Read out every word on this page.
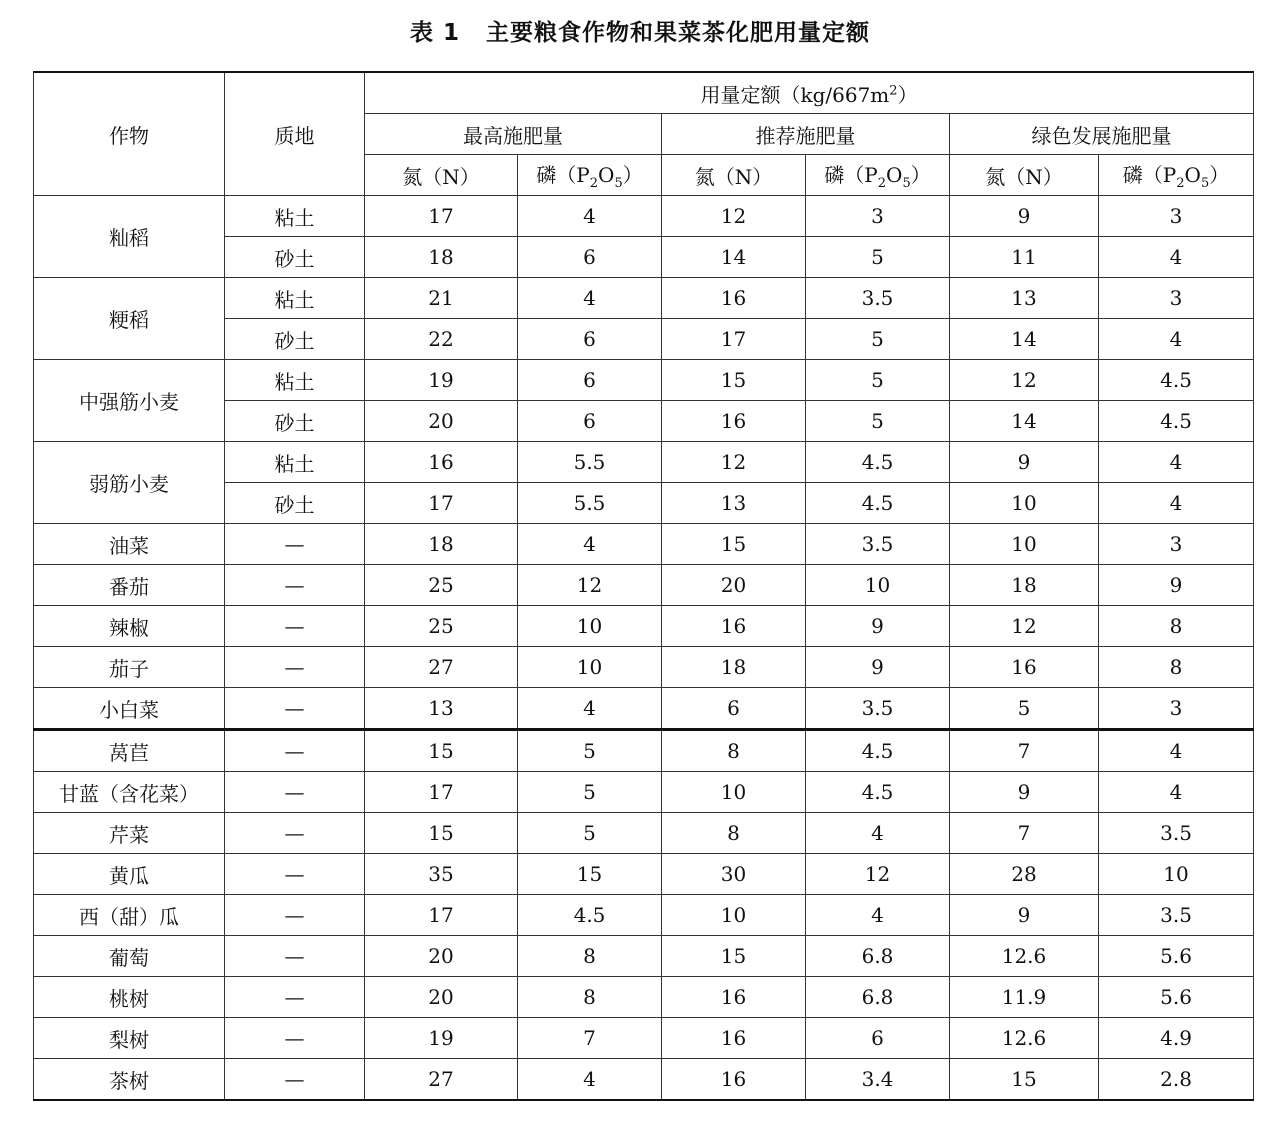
表 1 主要粮食作物和果菜茶化肥用量定额
作物	质地	用量定额$(kg/667m^2)$					
		最高施肥量		推荐施肥量		绿色发展施肥量	
		氮（N）	磷$(P_2O_5)$	氮（N）	磷$(P_2O_5)$	氮（N）	磷$(P_2O_5)$
籼稻	粘土	17	4	12	3	9	3
	砂土	18	6	14	5	11	4
粳稻	粘土	21	4	16	3.5	13	3
	砂土	22	6	17	5	14	4
中强筋小麦	粘土	19	6	15	5	12	4.5
	砂土	20	6	16	5	14	4.5
弱筋小麦	粘土	16	5.5	12	4.5	9	4
	砂土	17	5.5	13	4.5	10	4
油菜	—	18	4	15	3.5	10	3
番茄	—	25	12	20	10	18	9
辣椒	—	25	10	16	9	12	8
茄子	—	27	10	18	9	16	8
小白菜	—	13	4	6	3.5	5	3
莴苣	—	15	5	8	4.5	7	4
甘蓝（含花菜）	—	17	5	10	4.5	9	4
芹菜	—	15	5	8	4	7	3.5
黄瓜	—	35	15	30	12	28	10
西（甜）瓜	—	17	4.5	10	4	9	3.5
葡萄	—	20	8	15	6.8	12.6	5.6
桃树	—	20	8	16	6.8	11.9	5.6
梨树	—	19	7	16	6	12.6	4.9
茶树	—	27	4	16	3.4	15	2.8
